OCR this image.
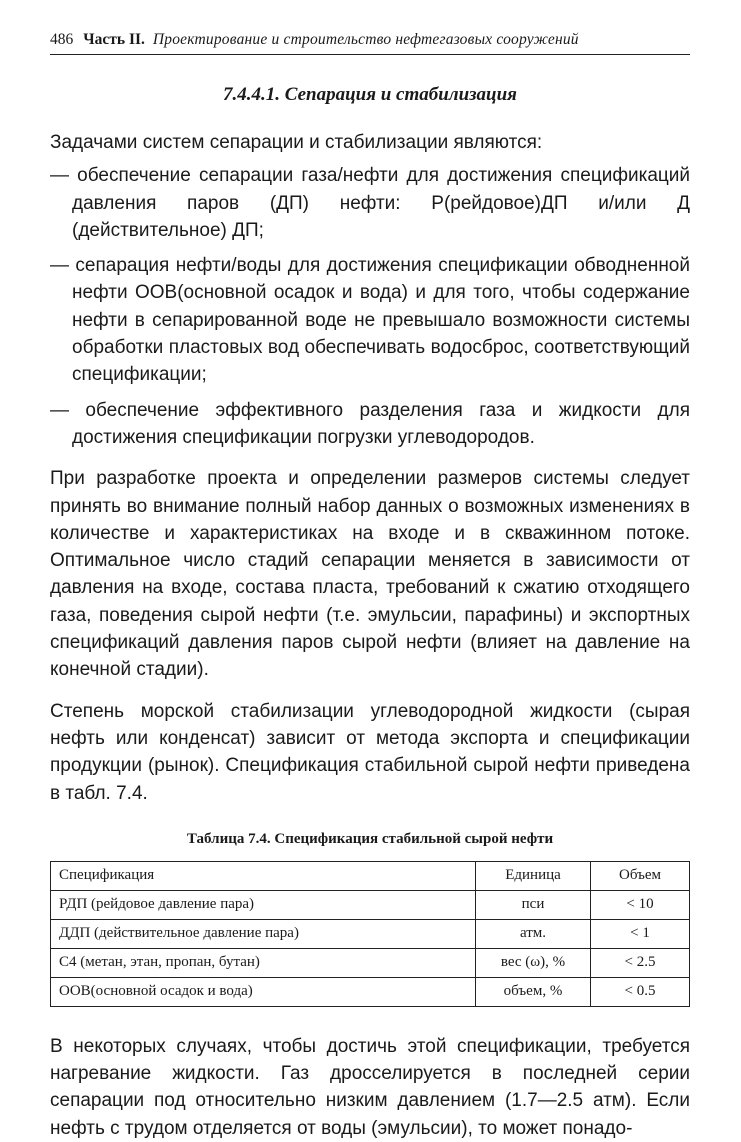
486 Часть II. Проектирование и строительство нефтегазовых сооружений
7.4.4.1. Сепарация и стабилизация

Задачами систем сепарации и стабилизации являются:

— обеспечение сепарации газа/нефти для достижения спецификаций давления паров (ДП) нефти: Р(рейдовое)ДП и/или Д (действительное) ДП;

— сепарация нефти/воды для достижения спецификации обводненной нефти ООВ(основной осадок и вода) и для того, чтобы содержание нефти в сепарированной воде не превышало возможности системы обработки пластовых вод обеспечивать водосброс, соответствующий спецификации;

— обеспечение эффективного разделения газа и жидкости для достижения спецификации погрузки углеводородов.

При разработке проекта и определении размеров системы следует принять во внимание полный набор данных о возможных изменениях в количестве и характеристиках на входе и в скважинном потоке. Оптимальное число стадий сепарации меняется в зависимости от давления на входе, состава пласта, требований к сжатию отходящего газа, поведения сырой нефти (т.е. эмульсии, парафины) и экспортных спецификаций давления паров сырой нефти (влияет на давление на конечной стадии).

Степень морской стабилизации углеводородной жидкости (сырая нефть или конденсат) зависит от метода экспорта и спецификации продукции (рынок). Спецификация стабильной сырой нефти приведена в табл. 7.4.

Таблица 7.4. Спецификация стабильной сырой нефти
Спецификация	Единица	Объем
РДП (рейдовое давление пара)	пси	< 10
ДДП (действительное давление пара)	атм.	< 1
С4 (метан, этан, пропан, бутан)	вес (ω), %	< 2.5
ООВ(основной осадок и вода)	объем, %	< 0.5

В некоторых случаях, чтобы достичь этой спецификации, требуется нагревание жидкости. Газ дросселируется в последней серии сепарации под относительно низким давлением (1.7—2.5 атм). Если нефть с трудом отделяется от воды (эмульсии), то может понадо-
